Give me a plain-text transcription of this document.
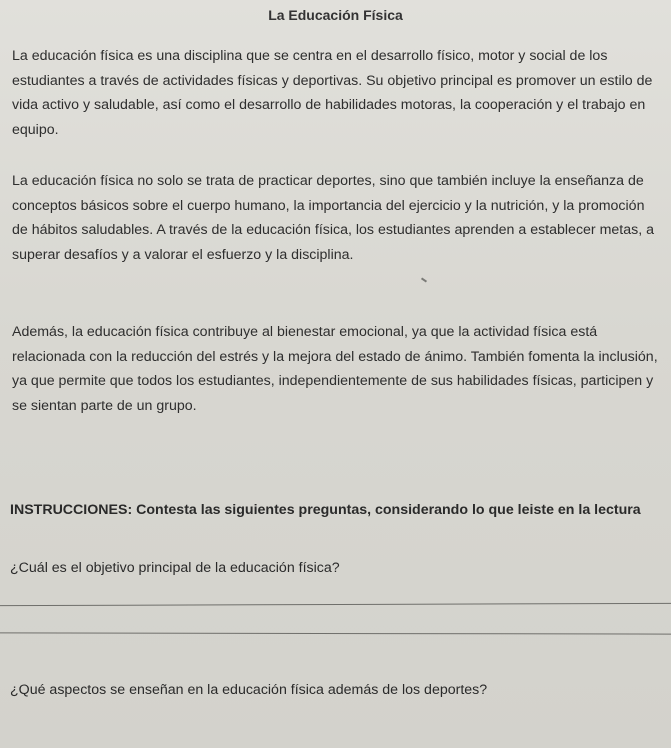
La Educación Física

La educación física es una disciplina que se centra en el desarrollo físico, motor y social de los estudiantes a través de actividades físicas y deportivas. Su objetivo principal es promover un estilo de vida activo y saludable, así como el desarrollo de habilidades motoras, la cooperación y el trabajo en equipo.

La educación física no solo se trata de practicar deportes, sino que también incluye la enseñanza de conceptos básicos sobre el cuerpo humano, la importancia del ejercicio y la nutrición, y la promoción de hábitos saludables. A través de la educación física, los estudiantes aprenden a establecer metas, a superar desafíos y a valorar el esfuerzo y la disciplina.

Además, la educación física contribuye al bienestar emocional, ya que la actividad física está relacionada con la reducción del estrés y la mejora del estado de ánimo. También fomenta la inclusión, ya que permite que todos los estudiantes, independientemente de sus habilidades físicas, participen y se sientan parte de un grupo.

INSTRUCCIONES: Contesta las siguientes preguntas, considerando lo que leiste en la lectura

¿Cuál es el objetivo principal de la educación física?

¿Qué aspectos se enseñan en la educación física además de los deportes?
